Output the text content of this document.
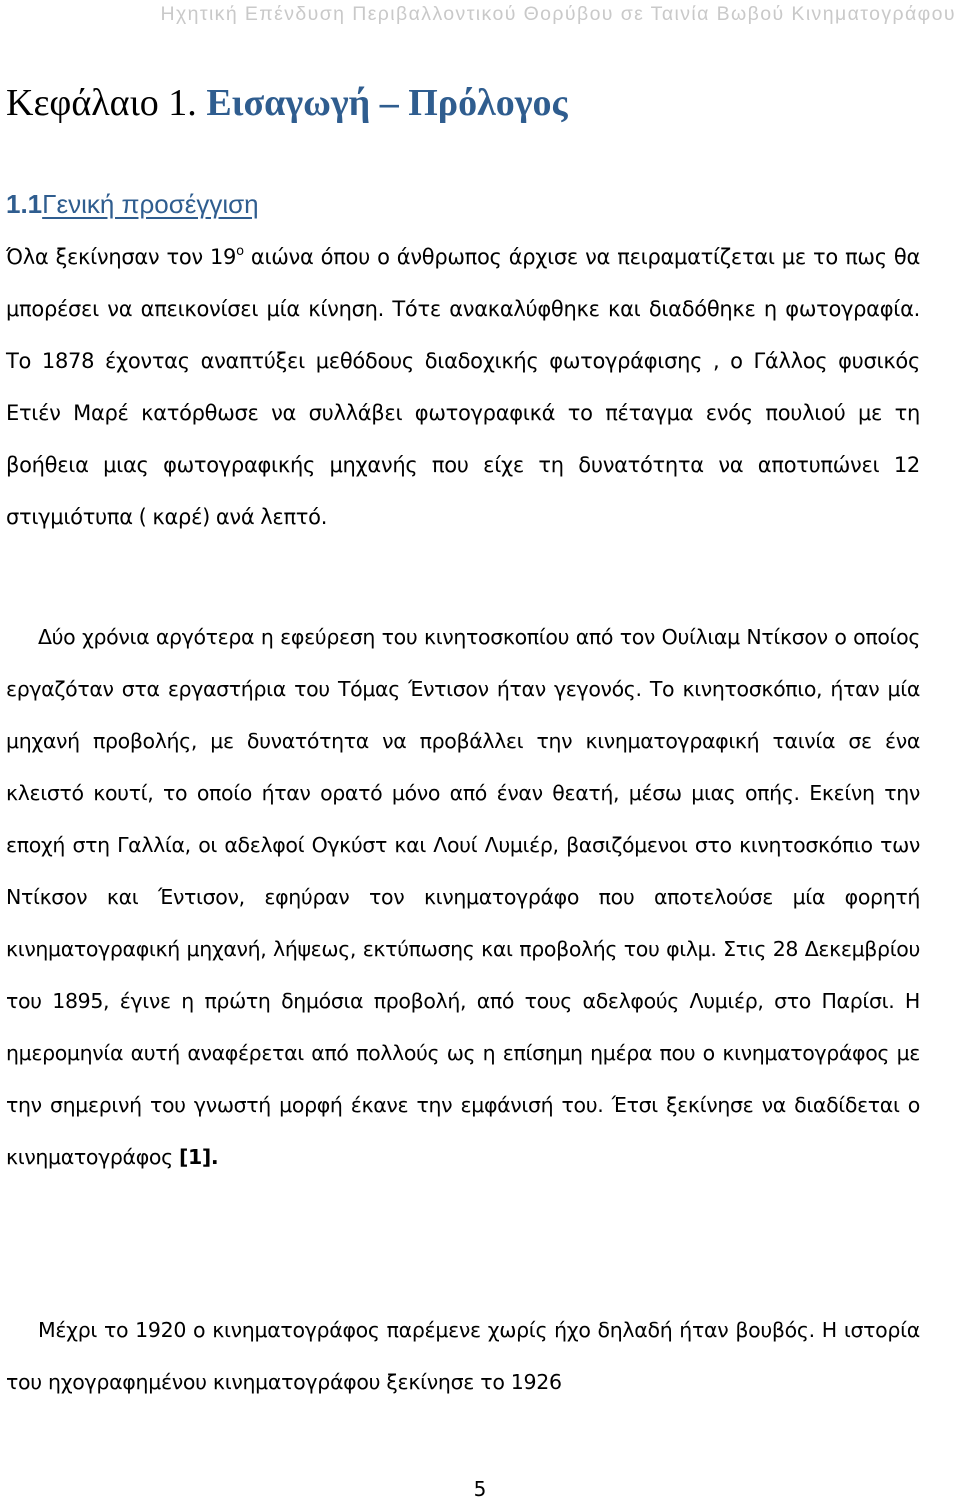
Ηχητική Επένδυση Περιβαλλοντικού Θορύβου σε Ταινία Βωβού Κινηματογράφου
Κεφάλαιο 1. Εισαγωγή – Πρόλογος
1.1Γενική προσέγγιση
Όλα ξεκίνησαν τον $19^o$ αιώνα όπου ο άνθρωπος άρχισε να πειραματίζεται με το πως θα μπορέσει να απεικονίσει μία κίνηση. Τότε ανακαλύφθηκε και διαδόθηκε η φωτογραφία. Το 1878 έχοντας αναπτύξει μεθόδους διαδοχικής φωτογράφισης , ο Γάλλος φυσικός Ετιέν Μαρέ κατόρθωσε να συλλάβει φωτογραφικά το πέταγμα ενός πουλιού με τη βοήθεια μιας φωτογραφικής μηχανής που είχε τη δυνατότητα να αποτυπώνει 12 στιγμιότυπα ( καρέ) ανά λεπτό.
Δύο χρόνια αργότερα η εφεύρεση του κινητοσκοπίου από τον Ουίλιαμ Ντίκσον ο οποίος εργαζόταν στα εργαστήρια του Τόμας Έντισον ήταν γεγονός. Το κινητοσκόπιο, ήταν μία μηχανή προβολής, με δυνατότητα να προβάλλει την κινηματογραφική ταινία σε ένα κλειστό κουτί, το οποίο ήταν ορατό μόνο από έναν θεατή, μέσω μιας οπής. Εκείνη την εποχή στη Γαλλία, οι αδελφοί Ογκύστ και Λουί Λυμιέρ, βασιζόμενοι στο κινητοσκόπιο των Ντίκσον και Έντισον, εφηύραν τον κινηματογράφο που αποτελούσε μία φορητή κινηματογραφική μηχανή, λήψεως, εκτύπωσης και προβολής του φιλμ. Στις 28 Δεκεμβρίου του 1895, έγινε η πρώτη δημόσια προβολή, από τους αδελφούς Λυμιέρ, στο Παρίσι. Η ημερομηνία αυτή αναφέρεται από πολλούς ως η επίσημη ημέρα που ο κινηματογράφος με την σημερινή του γνωστή μορφή έκανε την εμφάνισή του. Έτσι ξεκίνησε να διαδίδεται ο κινηματογράφος [1].
Μέχρι το 1920 ο κινηματογράφος παρέμενε χωρίς ήχο δηλαδή ήταν βουβός. Η ιστορία του ηχογραφημένου κινηματογράφου ξεκίνησε το 1926
5
